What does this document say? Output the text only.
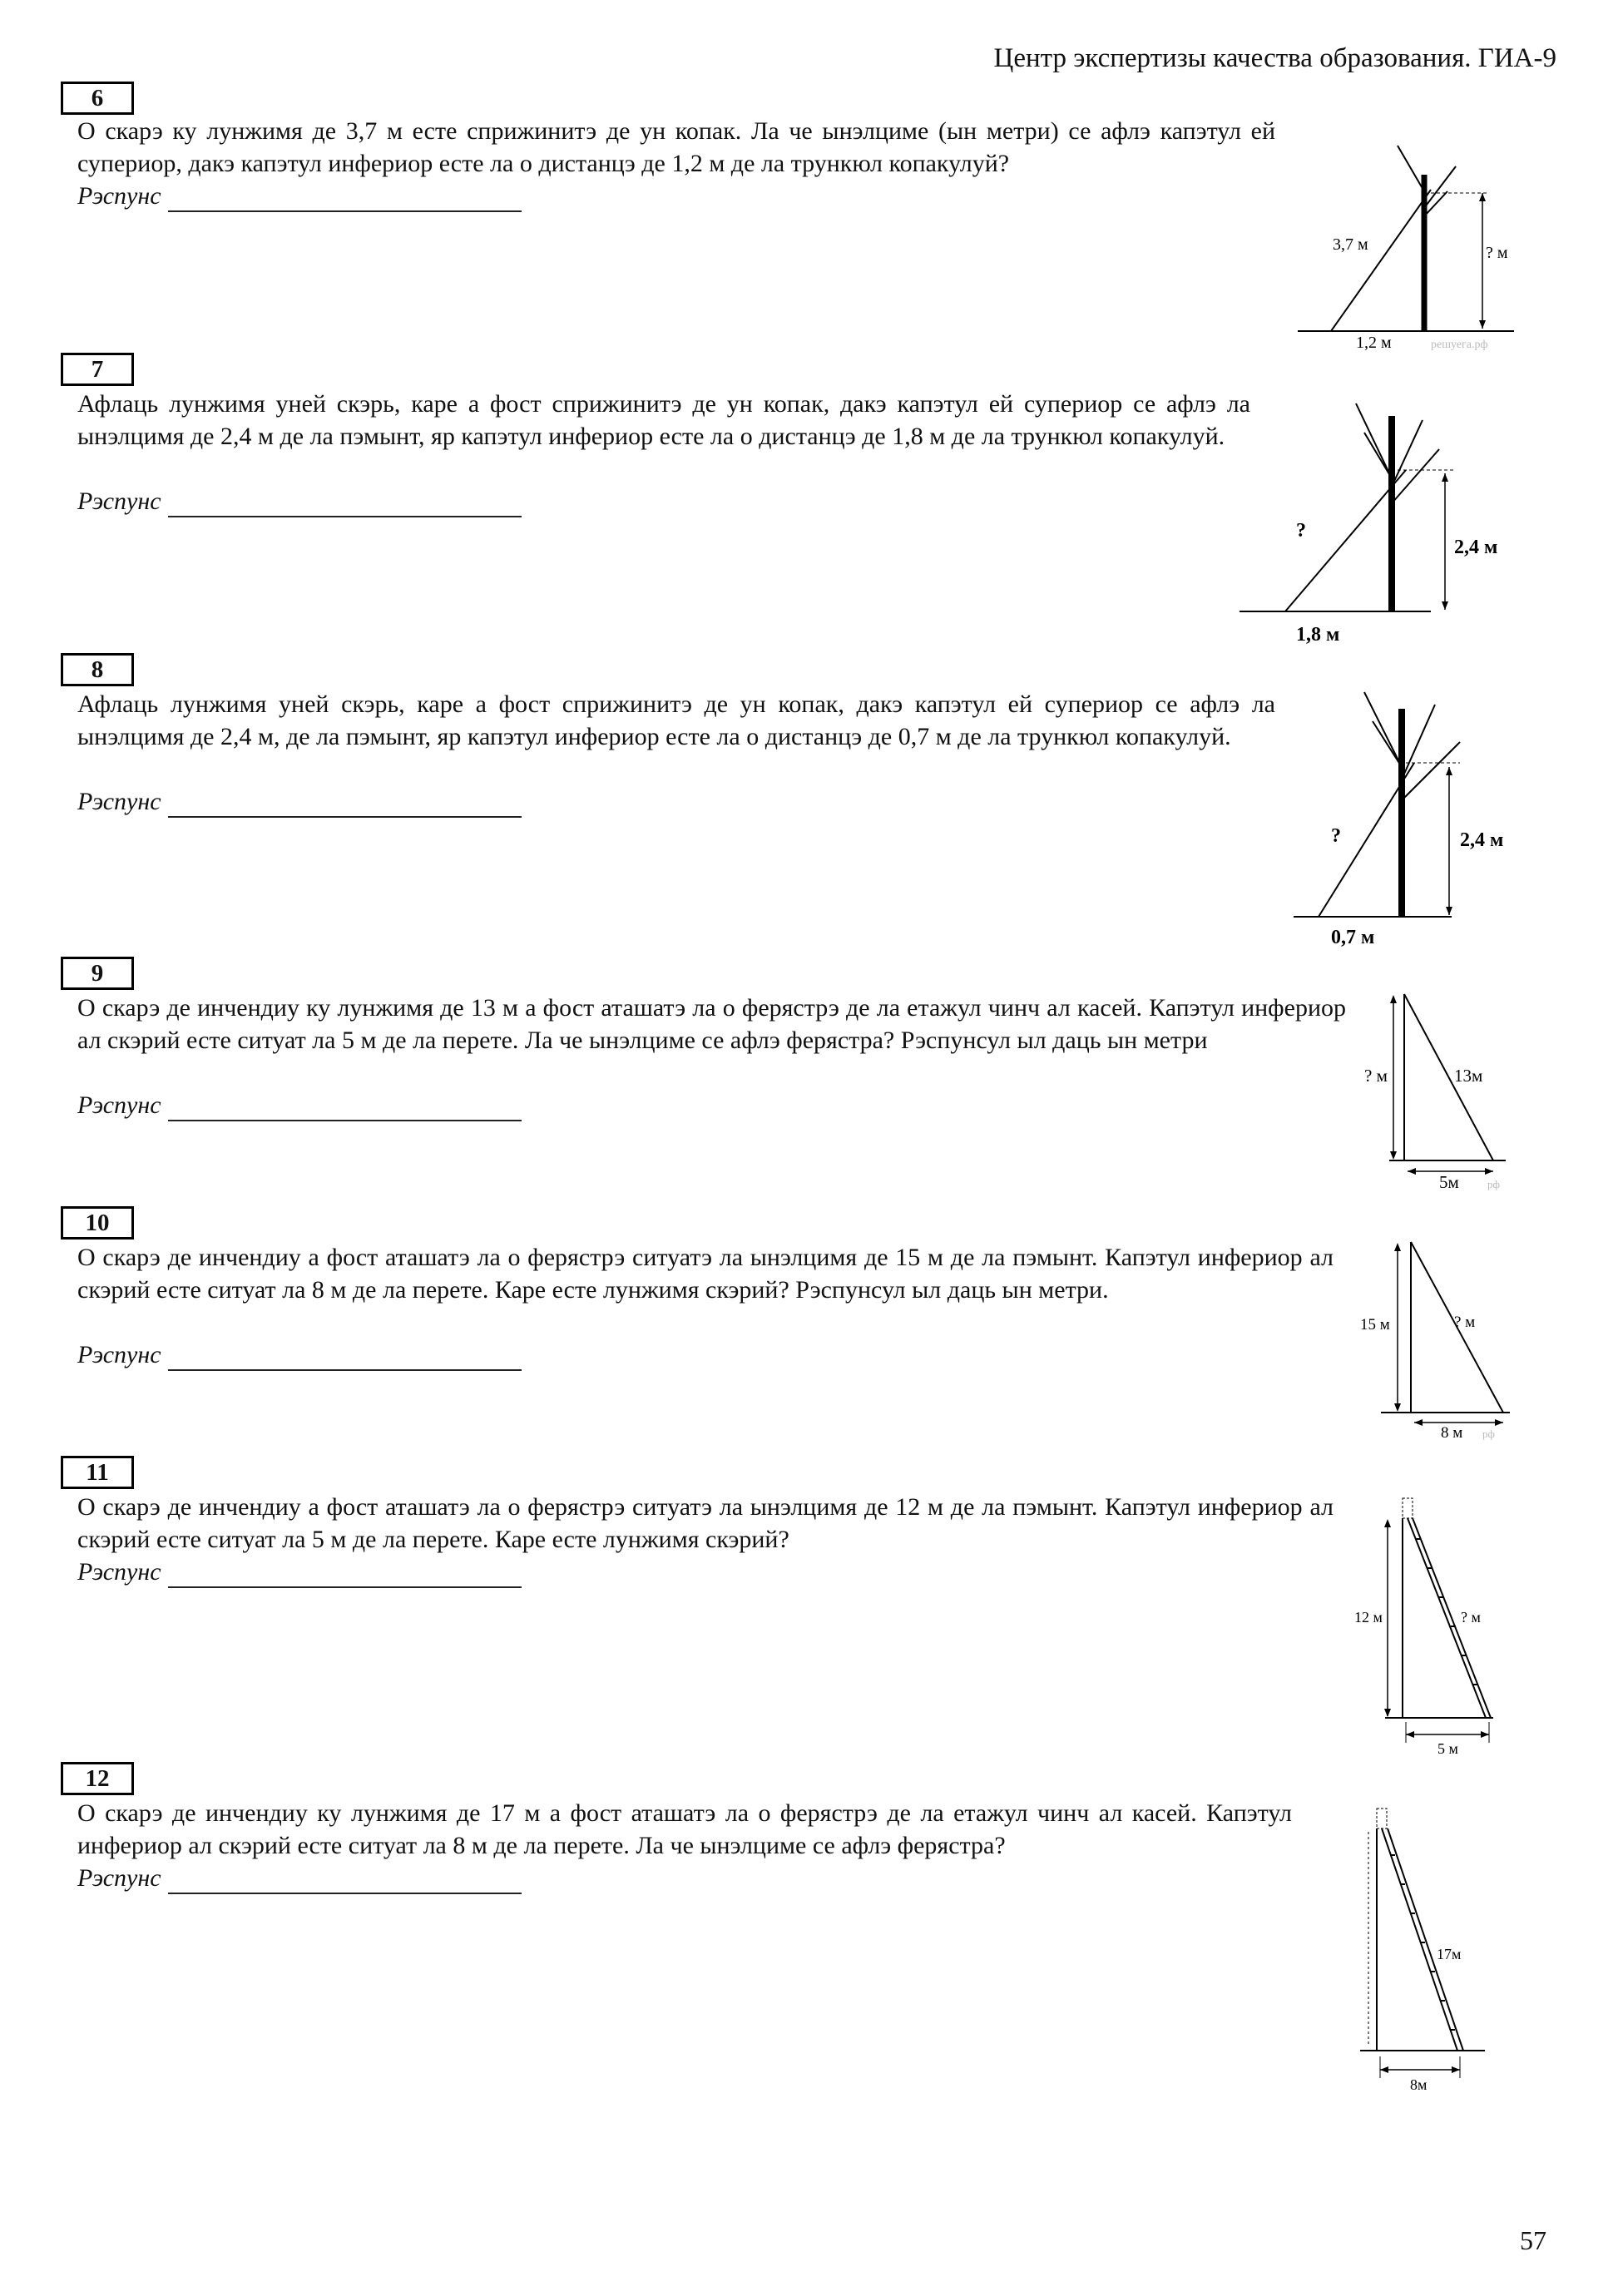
Центр экспертизы качества образования. ГИА-9
6
О скарэ ку лунжимя де 3,7 м есте сприжинитэ де ун копак. Ла че ынэлциме (ын метри) се афлэ капэтул ей супериор, дакэ капэтул инфериор есте ла о дистанцэ де 1,2 м де ла трункюл копакулуй?
Рэспунс
3,7 м	? м
1,2 м	решуега.рф
7
Афлаць лунжимя уней скэрь, каре а фост сприжинитэ де ун копак, дакэ капэтул ей супериор се афлэ ла ынэлцимя де 2,4 м де ла пэмынт, яр капэтул инфериор есте ла о дистанцэ де 1,8 м де ла трункюл копакулуй.
Рэспунс
?
2,4 м
1,8 м
8
Афлаць лунжимя уней скэрь, каре а фост сприжинитэ де ун копак, дакэ капэтул ей супериор се афлэ ла ынэлцимя де 2,4 м, де ла пэмынт, яр капэтул инфериор есте ла о дистанцэ де 0,7 м де ла трункюл копакулуй.
Рэспунс
?	2,4 м
0,7 м
9
О скарэ де инчендиу ку лунжимя де 13 м а фост аташатэ ла о ферястрэ де ла етажул чинч ал касей. Капэтул инфериор ал скэрий есте ситуат ла 5 м де ла перете. Ла че ынэлциме се афлэ ферястра? Рэспунсул ыл даць ын метри
Рэспунс
? м	13м
5м	рф
10
О скарэ де инчендиу а фост аташатэ ла о ферястрэ ситуатэ ла ынэлцимя де 15 м де ла пэмынт. Капэтул инфериор ал скэрий есте ситуат ла 8 м де ла перете. Каре есте лунжимя скэрий? Рэспунсул ыл даць ын метри.
Рэспунс
15 м	? м
8 м рф
11
О скарэ де инчендиу а фост аташатэ ла о ферястрэ ситуатэ ла ынэлцимя де 12 м де ла пэмынт. Капэтул инфериор ал скэрий есте ситуат ла 5 м де ла перете. Каре есте лунжимя скэрий?
Рэспунс
12 м	? м
5 м
12
О скарэ де инчендиу ку лунжимя де 17 м а фост аташатэ ла о ферястрэ де ла етажул чинч ал касей. Капэтул инфериор ал скэрий есте ситуат ла 8 м де ла перете. Ла че ынэлциме се афлэ ферястра?
Рэспунс
17м
8м
57
